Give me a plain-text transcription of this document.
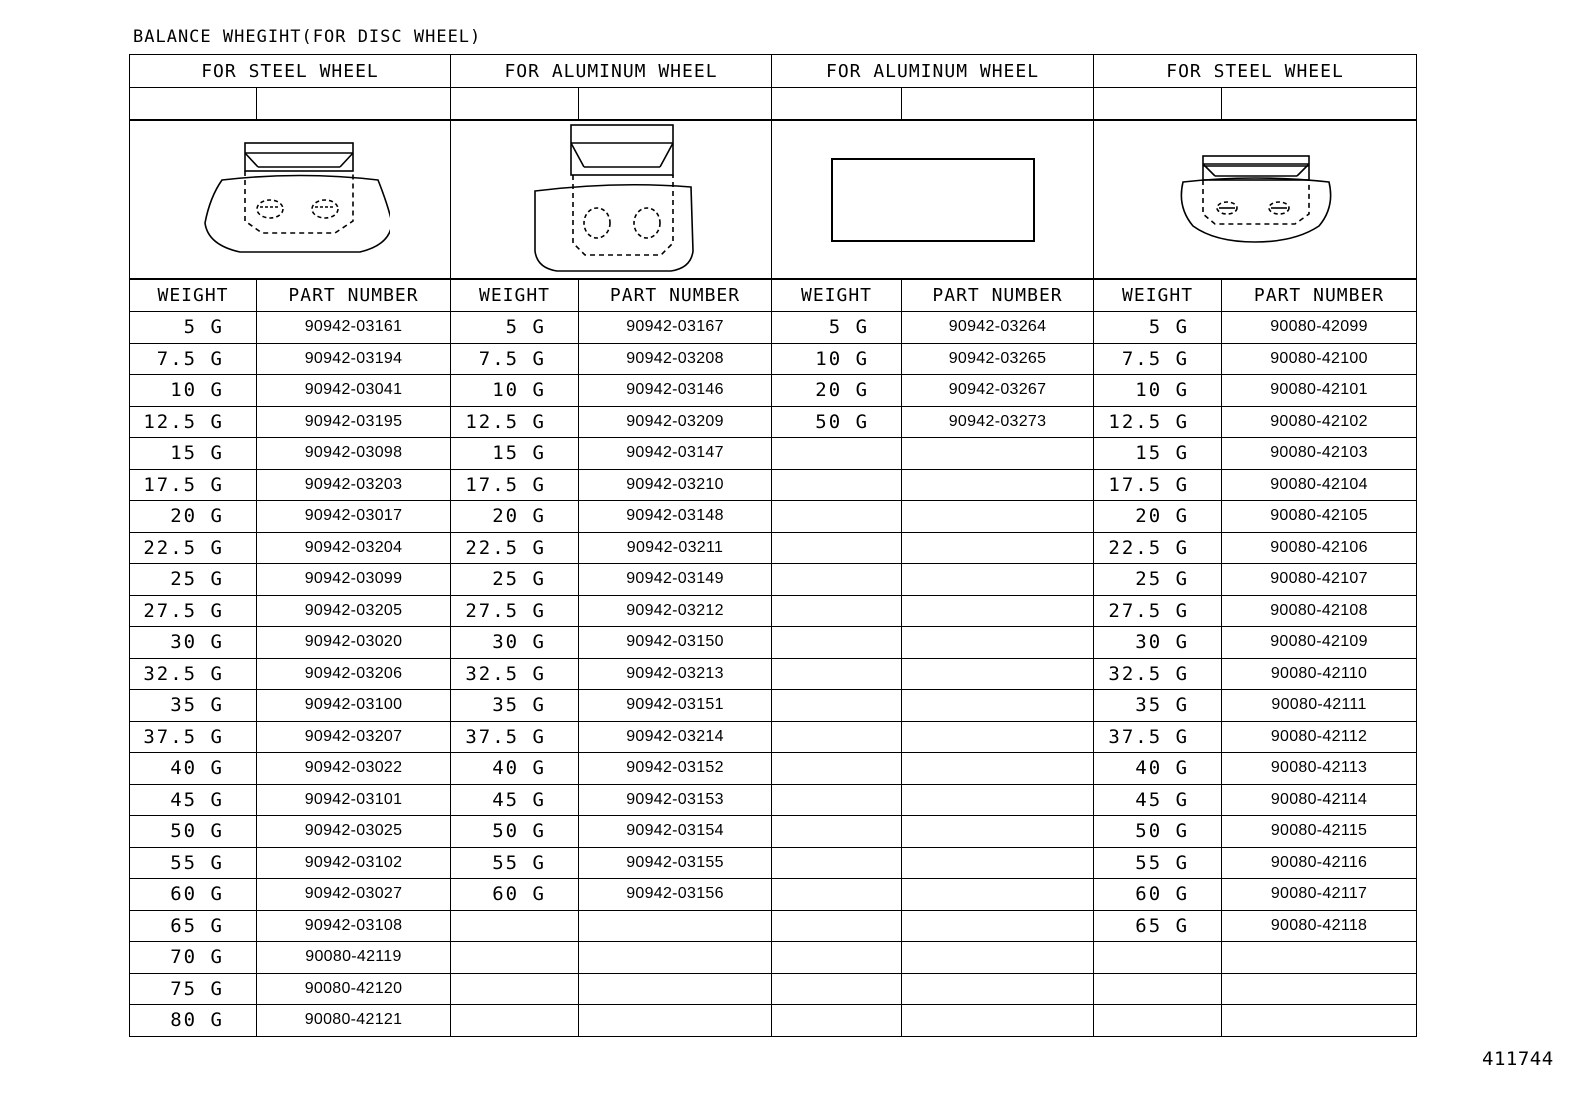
BALANCE WHEGIHT(FOR DISC WHEEL)
FOR STEEL WHEEL		FOR ALUMINUM WHEEL		FOR ALUMINUM WHEEL		FOR STEEL WHEEL	

WEIGHT	PART NUMBER	WEIGHT	PART NUMBER	WEIGHT	PART NUMBER	WEIGHT	PART NUMBER
5 G	90942-03161	5 G	90942-03167	5 G	90942-03264	5 G	90080-42099
7.5 G	90942-03194	7.5 G	90942-03208	10 G	90942-03265	7.5 G	90080-42100
10 G	90942-03041	10 G	90942-03146	20 G	90942-03267	10 G	90080-42101
12.5 G	90942-03195	12.5 G	90942-03209	50 G	90942-03273	12.5 G	90080-42102
15 G	90942-03098	15 G	90942-03147			15 G	90080-42103
17.5 G	90942-03203	17.5 G	90942-03210			17.5 G	90080-42104
20 G	90942-03017	20 G	90942-03148			20 G	90080-42105
22.5 G	90942-03204	22.5 G	90942-03211			22.5 G	90080-42106
25 G	90942-03099	25 G	90942-03149			25 G	90080-42107
27.5 G	90942-03205	27.5 G	90942-03212			27.5 G	90080-42108
30 G	90942-03020	30 G	90942-03150			30 G	90080-42109
32.5 G	90942-03206	32.5 G	90942-03213			32.5 G	90080-42110
35 G	90942-03100	35 G	90942-03151			35 G	90080-42111
37.5 G	90942-03207	37.5 G	90942-03214			37.5 G	90080-42112
40 G	90942-03022	40 G	90942-03152			40 G	90080-42113
45 G	90942-03101	45 G	90942-03153			45 G	90080-42114
50 G	90942-03025	50 G	90942-03154			50 G	90080-42115
55 G	90942-03102	55 G	90942-03155			55 G	90080-42116
60 G	90942-03027	60 G	90942-03156			60 G	90080-42117
65 G	90942-03108					65 G	90080-42118
70 G	90080-42119						
75 G	90080-42120						
80 G	90080-42121						
411744
